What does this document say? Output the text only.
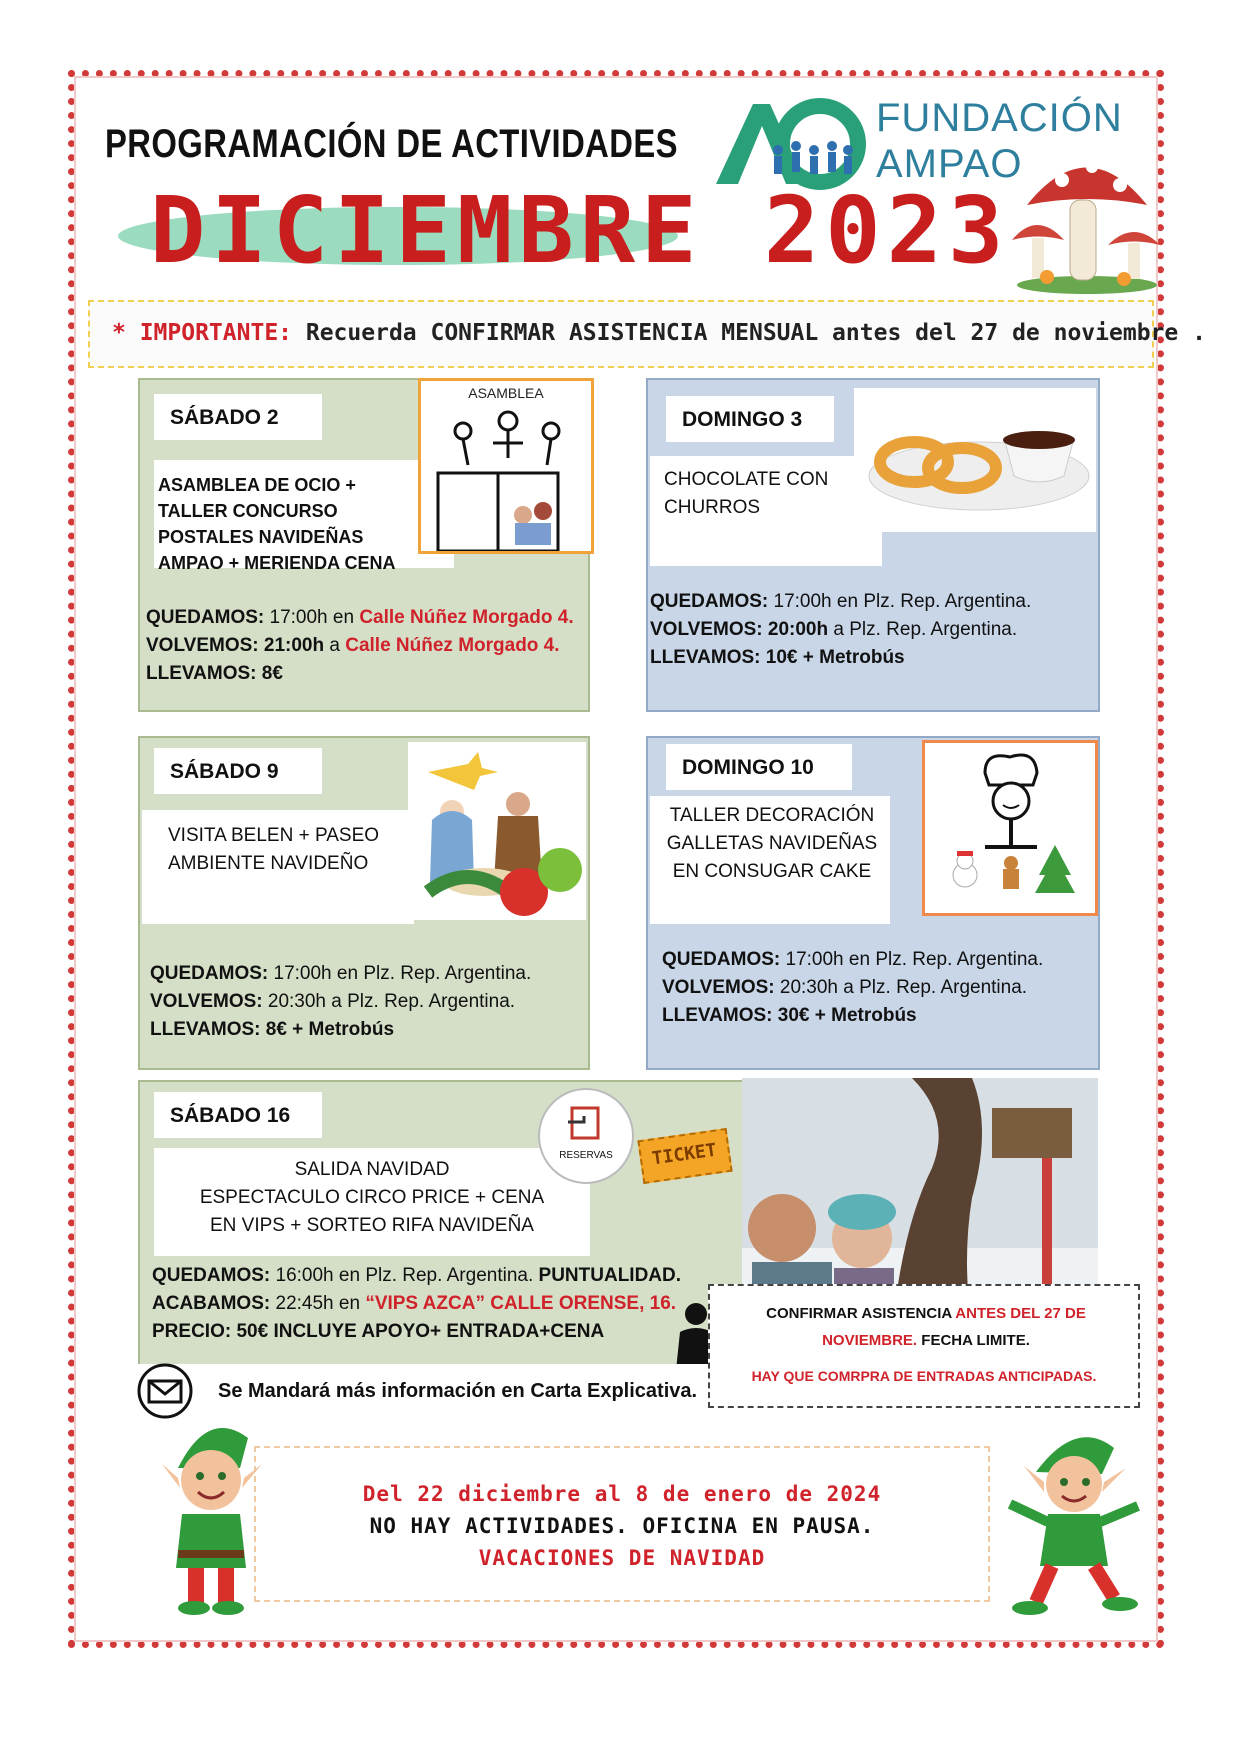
PROGRAMACIÓN DE ACTIVIDADES
DICIEMBRE 2023
FUNDACIÓN
AMPAO
* IMPORTANTE: Recuerda CONFIRMAR ASISTENCIA MENSUAL antes del 27 de noviembre .
SÁBADO 2
ASAMBLEA DE OCIO +
TALLER CONCURSO
POSTALES NAVIDEÑAS
AMPAO + MERIENDA CENA
ASAMBLEA
QUEDAMOS: 17:00h en Calle Núñez Morgado 4.
VOLVEMOS: 21:00h a Calle Núñez Morgado 4.
LLEVAMOS: 8€
DOMINGO 3
CHOCOLATE CON
CHURROS
QUEDAMOS: 17:00h en Plz. Rep. Argentina.
VOLVEMOS: 20:00h a Plz. Rep. Argentina.
LLEVAMOS: 10€ + Metrobús
SÁBADO 9
VISITA BELEN + PASEO
AMBIENTE NAVIDEÑO
QUEDAMOS: 17:00h en Plz. Rep. Argentina.
VOLVEMOS: 20:30h a Plz. Rep. Argentina.
LLEVAMOS: 8€ + Metrobús
DOMINGO 10
TALLER DECORACIÓN
GALLETAS NAVIDEÑAS
EN CONSUGAR CAKE
QUEDAMOS: 17:00h en Plz. Rep. Argentina.
VOLVEMOS: 20:30h a Plz. Rep. Argentina.
LLEVAMOS: 30€ + Metrobús
SÁBADO 16
SALIDA NAVIDAD
ESPECTACULO CIRCO PRICE + CENA
EN VIPS + SORTEO RIFA NAVIDEÑA
RESERVAS	TICKET
QUEDAMOS: 16:00h en Plz. Rep. Argentina. PUNTUALIDAD.
ACABAMOS: 22:45h en “VIPS AZCA” CALLE ORENSE, 16.
PRECIO: 50€ INCLUYE APOYO+ ENTRADA+CENA
Se Mandará más información en Carta Explicativa.
CONFIRMAR ASISTENCIA ANTES DEL 27 DE NOVIEMBRE. FECHA LIMITE.
HAY QUE COMRPRA DE ENTRADAS ANTICIPADAS.
Del 22 diciembre al 8 de enero de 2024
NO HAY ACTIVIDADES. OFICINA EN PAUSA.
VACACIONES DE NAVIDAD
